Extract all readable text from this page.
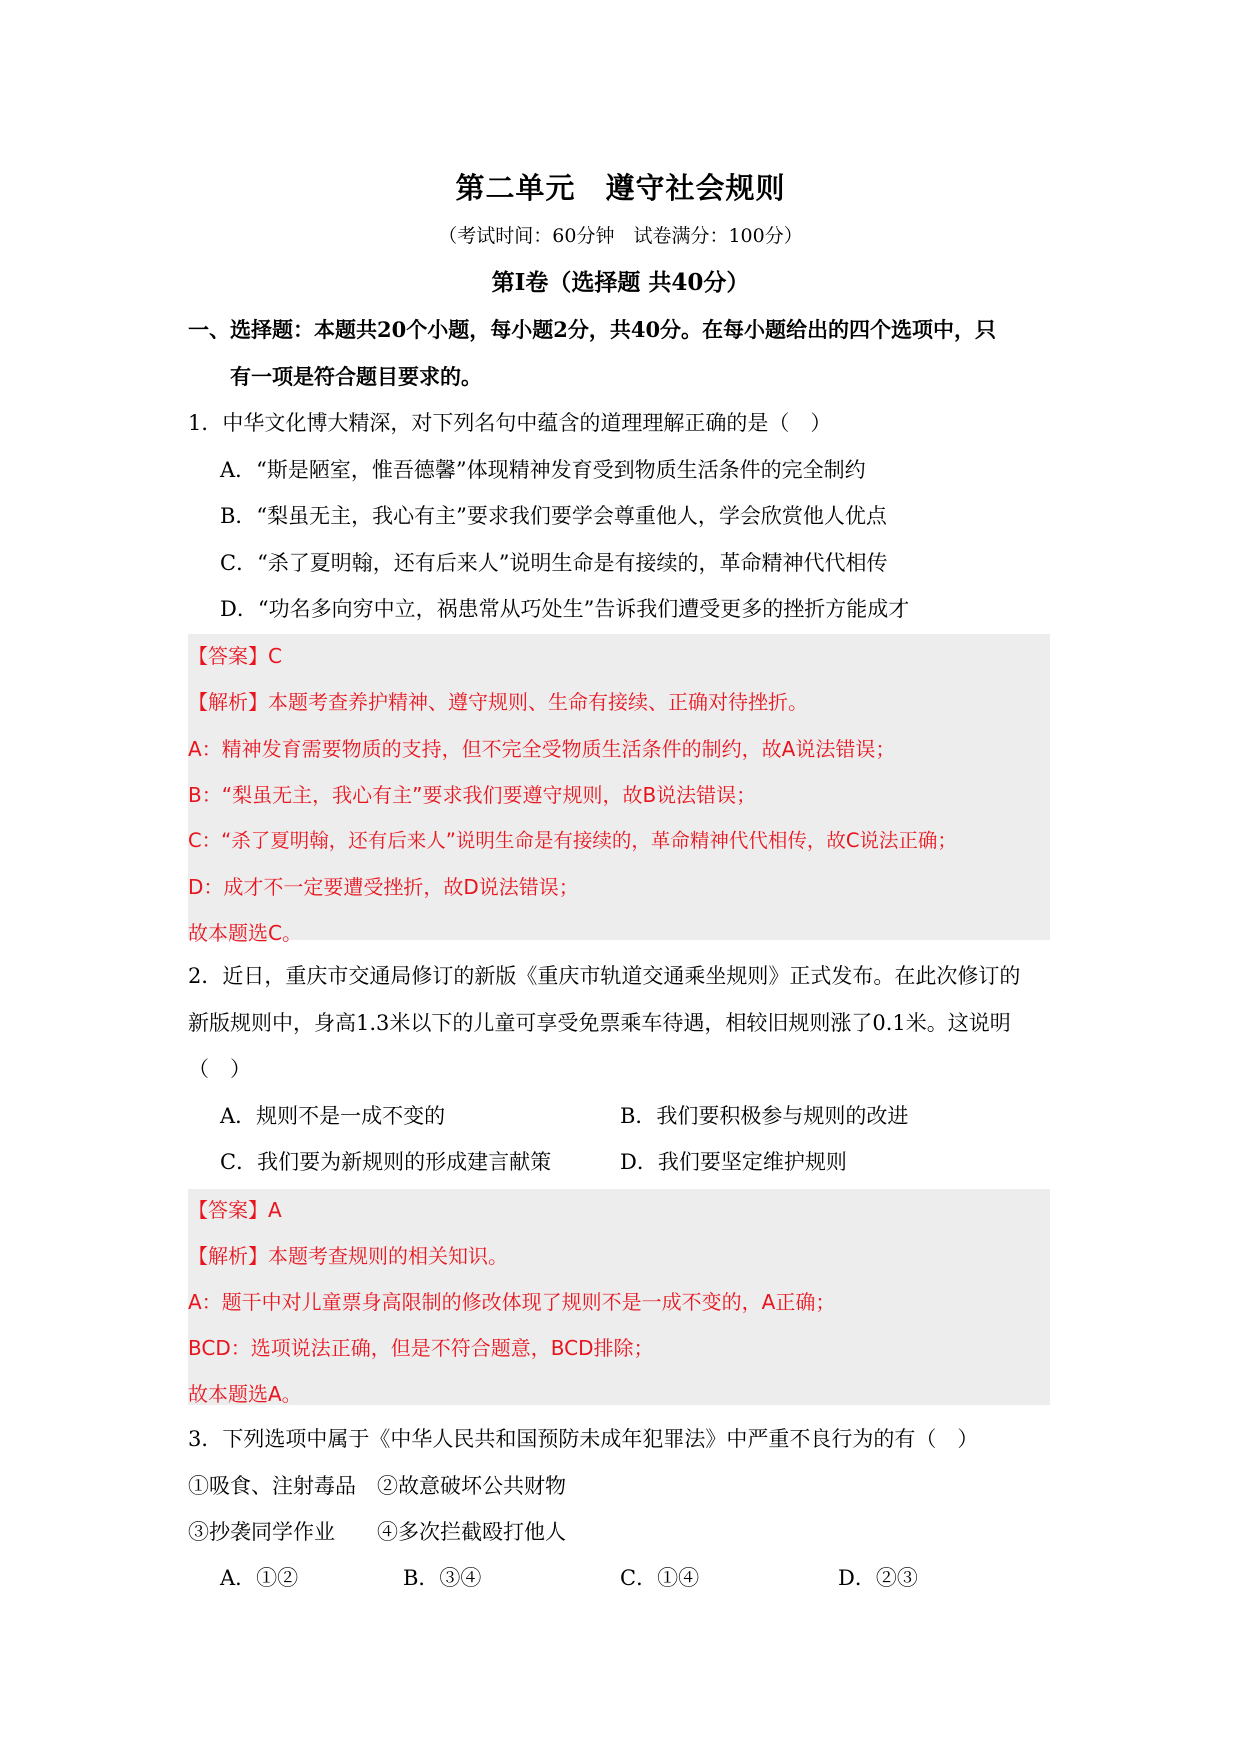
第二单元　遵守社会规则
（考试时间：60分钟　试卷满分：100分）
第Ⅰ卷（选择题 共40分）
一、选择题：本题共20个小题，每小题2分，共40分。在每小题给出的四个选项中，只
有一项是符合题目要求的。
1．中华文化博大精深，对下列名句中蕴含的道理理解正确的是（　）
A．“斯是陋室，惟吾德馨”体现精神发育受到物质生活条件的完全制约
B．“梨虽无主，我心有主”要求我们要学会尊重他人，学会欣赏他人优点
C．“杀了夏明翰，还有后来人”说明生命是有接续的，革命精神代代相传
D．“功名多向穷中立，祸患常从巧处生”告诉我们遭受更多的挫折方能成才
【答案】C
【解析】本题考查养护精神、遵守规则、生命有接续、正确对待挫折。
A：精神发育需要物质的支持，但不完全受物质生活条件的制约，故A说法错误；
B：“梨虽无主，我心有主”要求我们要遵守规则，故B说法错误；
C：“杀了夏明翰，还有后来人”说明生命是有接续的，革命精神代代相传，故C说法正确；
D：成才不一定要遭受挫折，故D说法错误；
故本题选C。
2．近日，重庆市交通局修订的新版《重庆市轨道交通乘坐规则》正式发布。在此次修订的
新版规则中，身高1.3米以下的儿童可享受免票乘车待遇，相较旧规则涨了0.1米。这说明
（　）
A．规则不是一成不变的	B．我们要积极参与规则的改进
C．我们要为新规则的形成建言献策	D．我们要坚定维护规则
【答案】A
【解析】本题考查规则的相关知识。
A：题干中对儿童票身高限制的修改体现了规则不是一成不变的，A正确；
BCD：选项说法正确，但是不符合题意，BCD排除；
故本题选A。
3．下列选项中属于《中华人民共和国预防未成年犯罪法》中严重不良行为的有（　）
①吸食、注射毒品　②故意破坏公共财物
③抄袭同学作业　　④多次拦截殴打他人
A．①②	B．③④	C．①④	D．②③
